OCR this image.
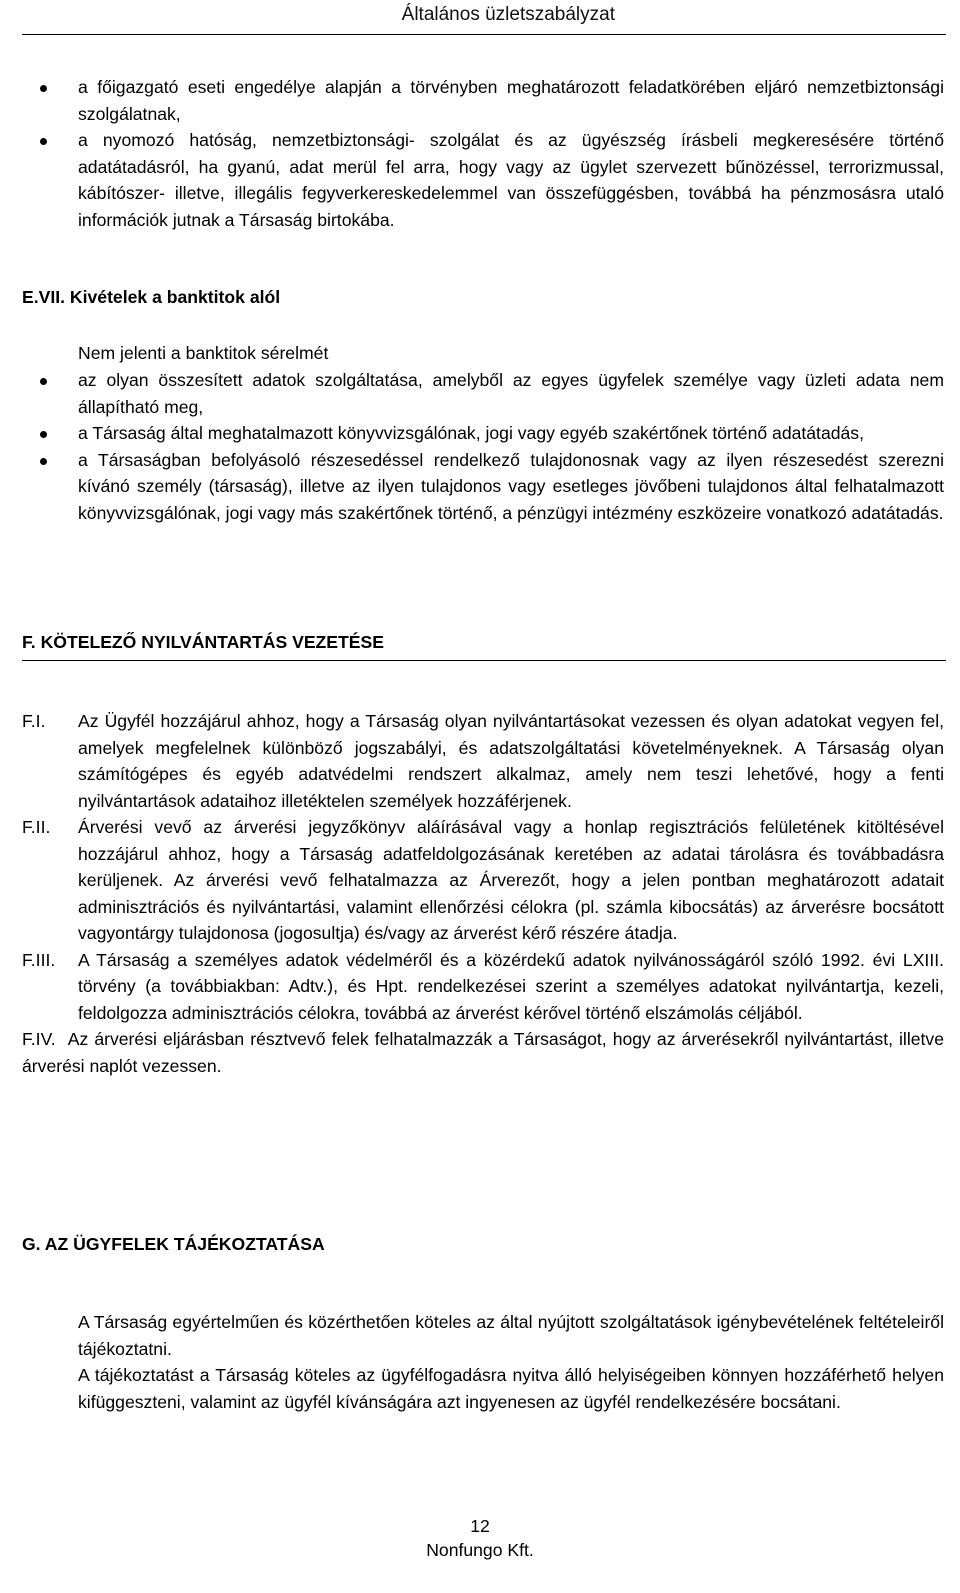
Általános üzletszabályzat
a főigazgató eseti engedélye alapján a törvényben meghatározott feladatkörében eljáró nemzetbiztonsági szolgálatnak,
a nyomozó hatóság, nemzetbiztonsági- szolgálat és az ügyészség írásbeli megkeresésére történő adatátadásról, ha gyanú, adat merül fel arra, hogy vagy az ügylet szervezett bűnözéssel, terrorizmussal, kábítószer- illetve, illegális fegyverkereskedelemmel van összefüggésben, továbbá ha pénzmosásra utaló információk jutnak a Társaság birtokába.
E.VII. Kivételek a banktitok alól
Nem jelenti a banktitok sérelmét
az olyan összesített adatok szolgáltatása, amelyből az egyes ügyfelek személye vagy üzleti adata nem állapítható meg,
a Társaság által meghatalmazott könyvvizsgálónak, jogi vagy egyéb szakértőnek történő adatátadás,
a Társaságban befolyásoló részesedéssel rendelkező tulajdonosnak vagy az ilyen részesedést szerezni kívánó személy (társaság), illetve az ilyen tulajdonos vagy esetleges jövőbeni tulajdonos által felhatalmazott könyvvizsgálónak, jogi vagy más szakértőnek történő, a pénzügyi intézmény eszközeire vonatkozó adatátadás.
F. KÖTELEZŐ NYILVÁNTARTÁS VEZETÉSE
F.I. Az Ügyfél hozzájárul ahhoz, hogy a Társaság olyan nyilvántartásokat vezessen és olyan adatokat vegyen fel, amelyek megfelelnek különböző jogszabályi, és adatszolgáltatási követelményeknek. A Társaság olyan számítógépes és egyéb adatvédelmi rendszert alkalmaz, amely nem teszi lehetővé, hogy a fenti nyilvántartások adataihoz illetéktelen személyek hozzáférjenek.
F.II. Árverési vevő az árverési jegyzőkönyv aláírásával vagy a honlap regisztrációs felületének kitöltésével hozzájárul ahhoz, hogy a Társaság adatfeldolgozásának keretében az adatai tárolásra és továbbadásra kerüljenek. Az árverési vevő felhatalmazza az Árverezőt, hogy a jelen pontban meghatározott adatait adminisztrációs és nyilvántartási, valamint ellenőrzési célokra (pl. számla kibocsátás) az árverésre bocsátott vagyontárgy tulajdonosa (jogosultja) és/vagy az árverést kérő részére átadja.
F.III. A Társaság a személyes adatok védelméről és a közérdekű adatok nyilvánosságáról szóló 1992. évi LXIII. törvény (a továbbiakban: Adtv.), és Hpt. rendelkezései szerint a személyes adatokat nyilvántartja, kezeli, feldolgozza adminisztrációs célokra, továbbá az árverést kérővel történő elszámolás céljából.
F.IV. Az árverési eljárásban résztvevő felek felhatalmazzák a Társaságot, hogy az árverésekről nyilvántartást, illetve árverési naplót vezessen.
G. AZ ÜGYFELEK TÁJÉKOZTATÁSA
A Társaság egyértelműen és közérthetően köteles az által nyújtott szolgáltatások igénybevételének feltételeiről tájékoztatni.
A tájékoztatást a Társaság köteles az ügyfélfogadásra nyitva álló helyiségeiben könnyen hozzáférhető helyen kifüggeszteni, valamint az ügyfél kívánságára azt ingyenesen az ügyfél rendelkezésére bocsátani.
12
Nonfungo Kft.
